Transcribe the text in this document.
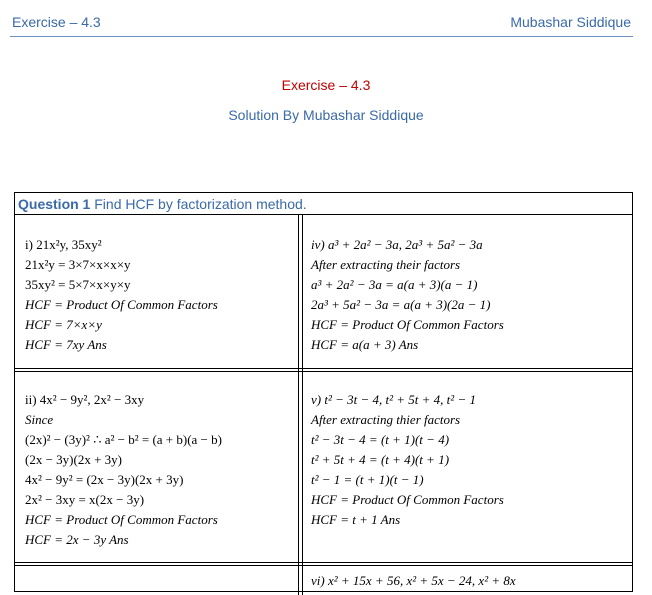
Exercise – 4.3	Mubashar Siddique
Exercise – 4.3
Solution By Mubashar Siddique
Question 1 Find HCF by factorization method.
i) 21x²y, 35xy²
21x²y = 3×7×x×x×y
35xy² = 5×7×x×y×y
HCF = Product Of Common Factors
HCF = 7×x×y
HCF = 7xy Ans
iv) a³ + 2a² − 3a, 2a³ + 5a² − 3a
After extracting their factors
a³ + 2a² − 3a = a(a + 3)(a − 1)
2a³ + 5a² − 3a = a(a + 3)(2a − 1)
HCF = Product Of Common Factors
HCF = a(a + 3) Ans
ii) 4x² − 9y², 2x² − 3xy
Since
(2x)² − (3y)² ∴ a² − b² = (a + b)(a − b)
(2x − 3y)(2x + 3y)
4x² − 9y² = (2x − 3y)(2x + 3y)
2x² − 3xy = x(2x − 3y)
HCF = Product Of Common Factors
HCF = 2x − 3y Ans
v) t² − 3t − 4, t² + 5t + 4, t² − 1
After extracting thier factors
t² − 3t − 4 = (t + 1)(t − 4)
t² + 5t + 4 = (t + 4)(t + 1)
t² − 1 = (t + 1)(t − 1)
HCF = Product Of Common Factors
HCF = t + 1 Ans
vi) x² + 15x + 56, x² + 5x − 24, x² + 8x
